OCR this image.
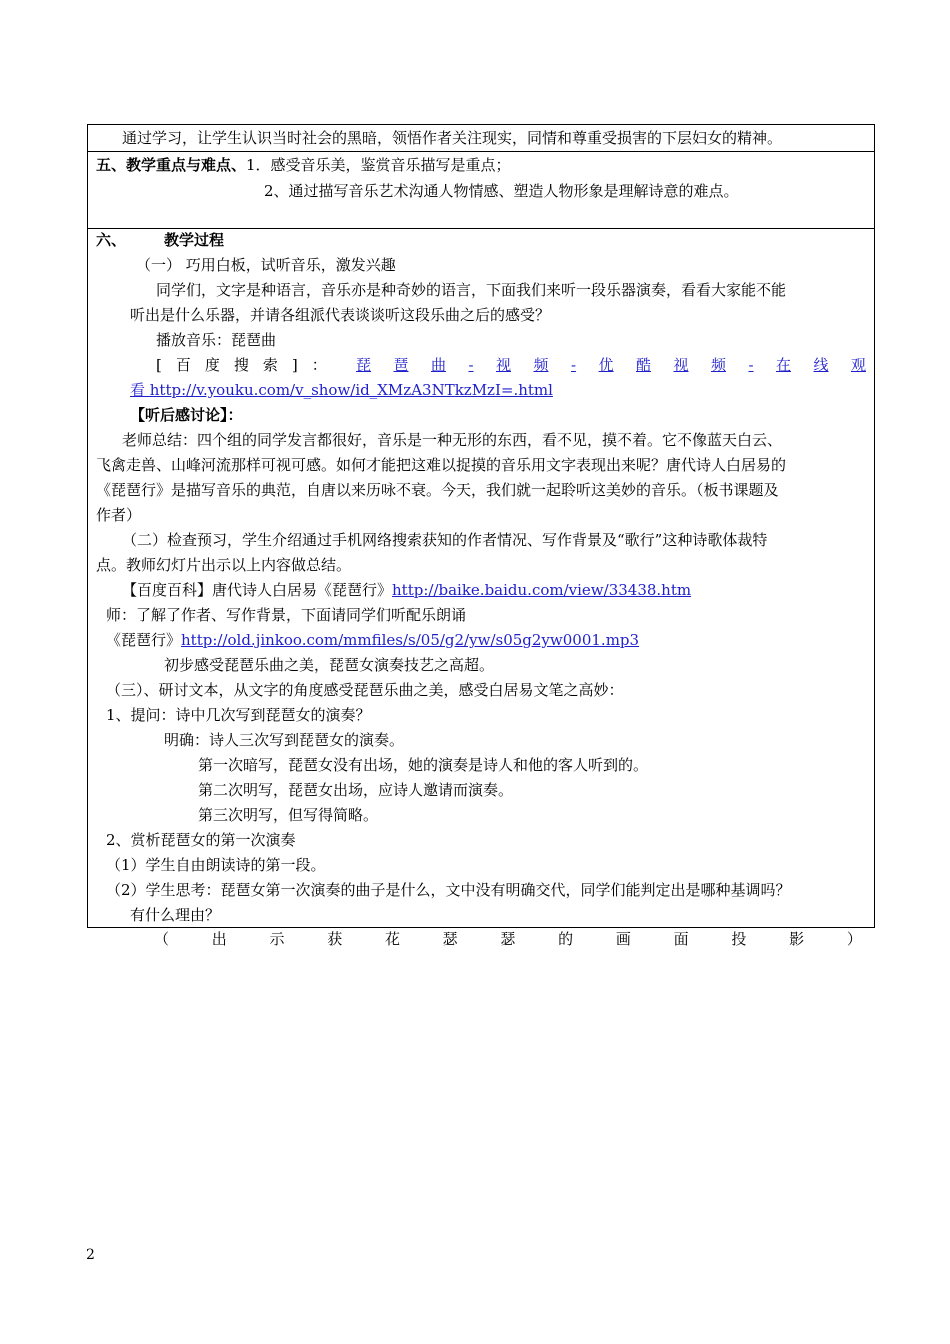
通过学习，让学生认识当时社会的黑暗，领悟作者关注现实，同情和尊重受损害的下层妇女的精神。
五、教学重点与难点、1．感受音乐美，鉴赏音乐描写是重点；
2、通过描写音乐艺术沟通人物情感、塑造人物形象是理解诗意的难点。
六、	教学过程
（一） 巧用白板，试听音乐，激发兴趣
同学们，文字是种语言，音乐亦是种奇妙的语言，下面我们来听一段乐器演奏，看看大家能不能
听出是什么乐器，并请各组派代表谈谈听这段乐曲之后的感受？
播放音乐：琵琶曲
[百度搜索]： 琵 琶 曲 - 视 频 - 优 酷 视 频 - 在 线 观
看 http://v.youku.com/v_show/id_XMzA3NTkzMzI=.html
【听后感讨论】：
老师总结：四个组的同学发言都很好，音乐是一种无形的东西，看不见，摸不着。它不像蓝天白云、
飞禽走兽、山峰河流那样可视可感。如何才能把这难以捉摸的音乐用文字表现出来呢？唐代诗人白居易的
《琵琶行》是描写音乐的典范，自唐以来历咏不衰。今天，我们就一起聆听这美妙的音乐。（板书课题及
作者）
（二）检查预习，学生介绍通过手机网络搜索获知的作者情况、写作背景及“歌行”这种诗歌体裁特
点。教师幻灯片出示以上内容做总结。
【百度百科】唐代诗人白居易《琵琶行》http://baike.baidu.com/view/33438.htm
师：了解了作者、写作背景，下面请同学们听配乐朗诵
《琵琶行》http://old.jinkoo.com/mmfiles/s/05/g2/yw/s05g2yw0001.mp3
初步感受琵琶乐曲之美，琵琶女演奏技艺之高超。
（三）、研讨文本，从文字的角度感受琵琶乐曲之美，感受白居易文笔之高妙：
1、提问：诗中几次写到琵琶女的演奏？
明确：诗人三次写到琵琶女的演奏。
第一次暗写，琵琶女没有出场，她的演奏是诗人和他的客人听到的。
第二次明写，琵琶女出场，应诗人邀请而演奏。
第三次明写，但写得简略。
2、赏析琵琶女的第一次演奏
（1）学生自由朗读诗的第一段。
（2）学生思考：琵琶女第一次演奏的曲子是什么，文中没有明确交代，同学们能判定出是哪种基调吗？
有什么理由？
（	出	示	获	花	瑟	瑟	的	画	面	投	影	）
2
